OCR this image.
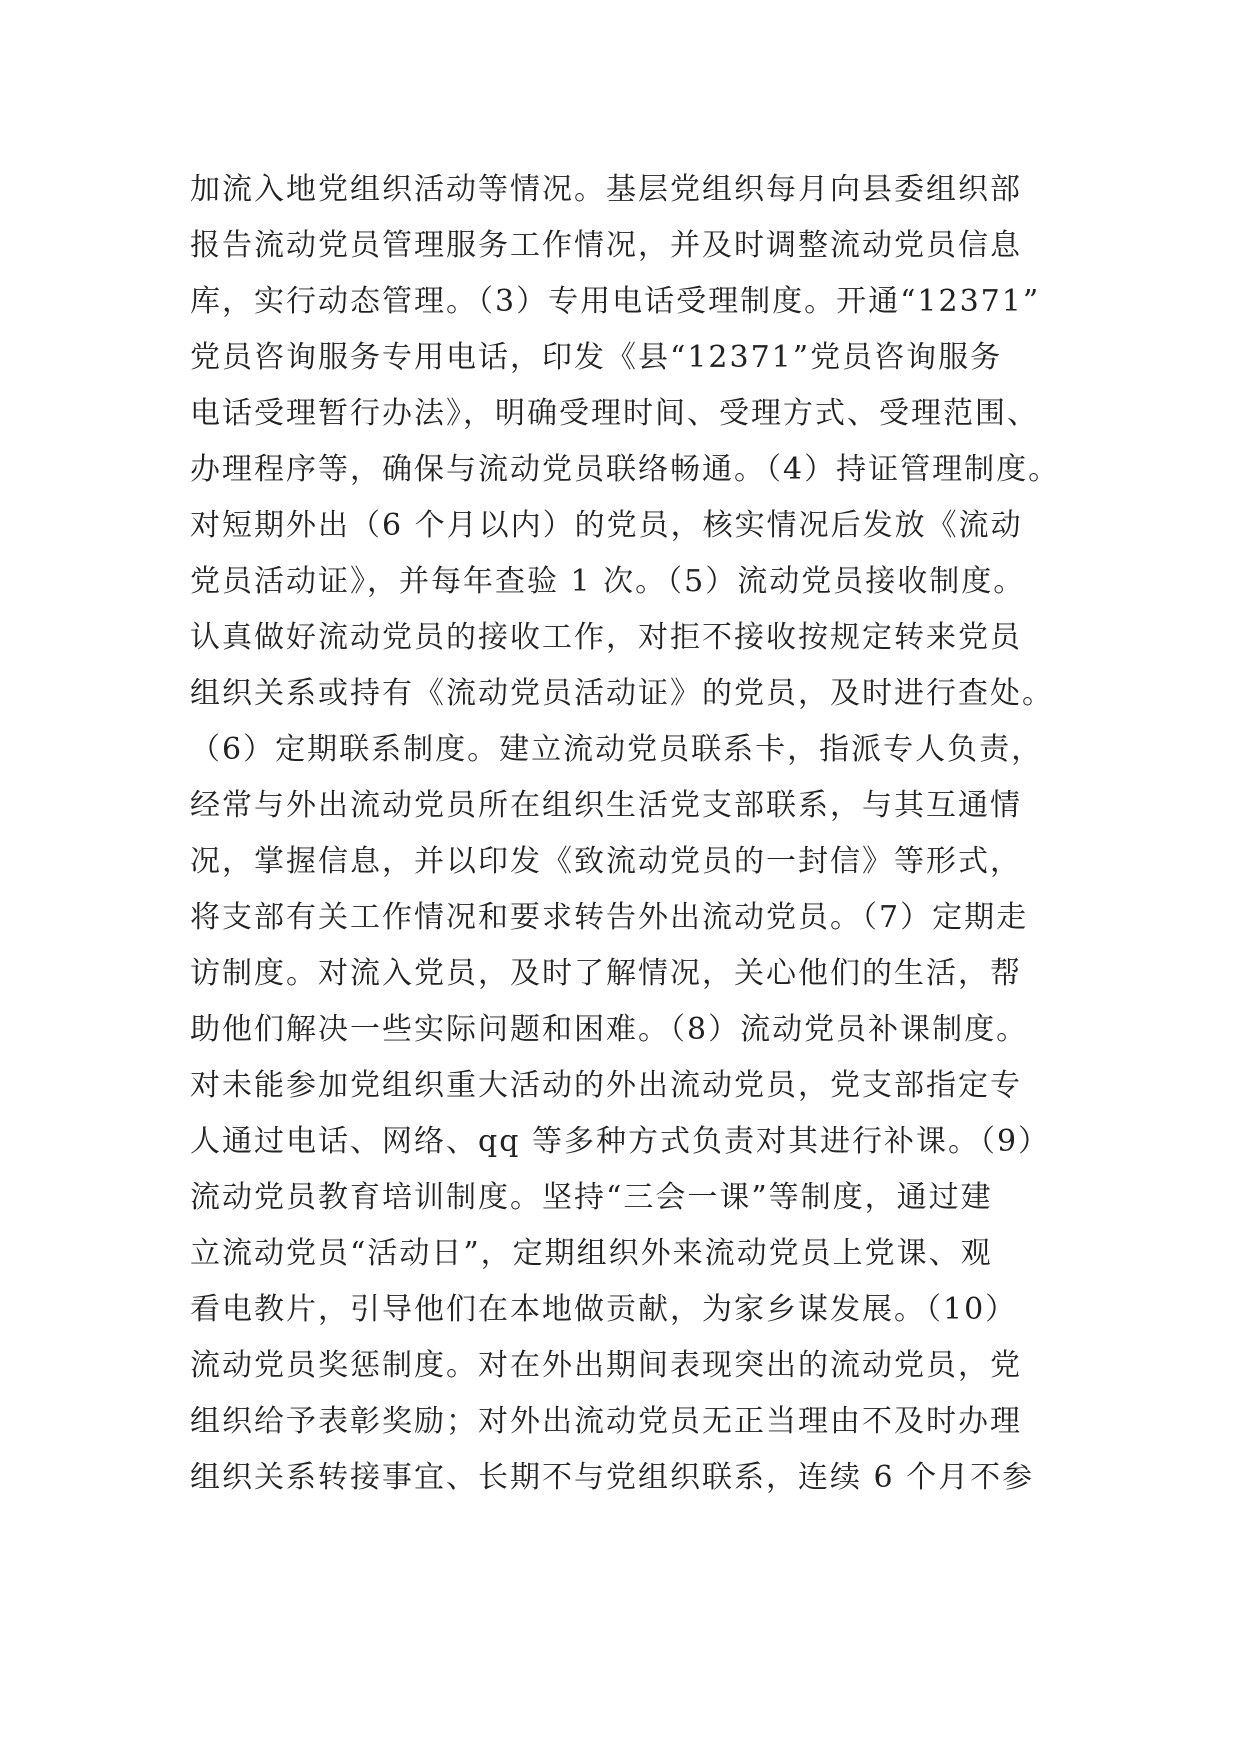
加流入地党组织活动等情况。基层党组织每月向县委组织部
报告流动党员管理服务工作情况，并及时调整流动党员信息
库，实行动态管理。（3）专用电话受理制度。开通“12371”
党员咨询服务专用电话，印发《县“12371”党员咨询服务
电话受理暂行办法》，明确受理时间、受理方式、受理范围、
办理程序等，确保与流动党员联络畅通。（4）持证管理制度。
对短期外出（6 个月以内）的党员，核实情况后发放《流动
党员活动证》，并每年查验 1 次。（5）流动党员接收制度。
认真做好流动党员的接收工作，对拒不接收按规定转来党员
组织关系或持有《流动党员活动证》的党员，及时进行查处。
（6）定期联系制度。建立流动党员联系卡，指派专人负责，
经常与外出流动党员所在组织生活党支部联系，与其互通情
况，掌握信息，并以印发《致流动党员的一封信》等形式，
将支部有关工作情况和要求转告外出流动党员。（7）定期走
访制度。对流入党员，及时了解情况，关心他们的生活，帮
助他们解决一些实际问题和困难。（8）流动党员补课制度。
对未能参加党组织重大活动的外出流动党员，党支部指定专
人通过电话、网络、qq 等多种方式负责对其进行补课。（9）
流动党员教育培训制度。坚持“三会一课”等制度，通过建
立流动党员“活动日”，定期组织外来流动党员上党课、观
看电教片，引导他们在本地做贡献，为家乡谋发展。（10）
流动党员奖惩制度。对在外出期间表现突出的流动党员，党
组织给予表彰奖励；对外出流动党员无正当理由不及时办理
组织关系转接事宜、长期不与党组织联系，连续 6 个月不参
